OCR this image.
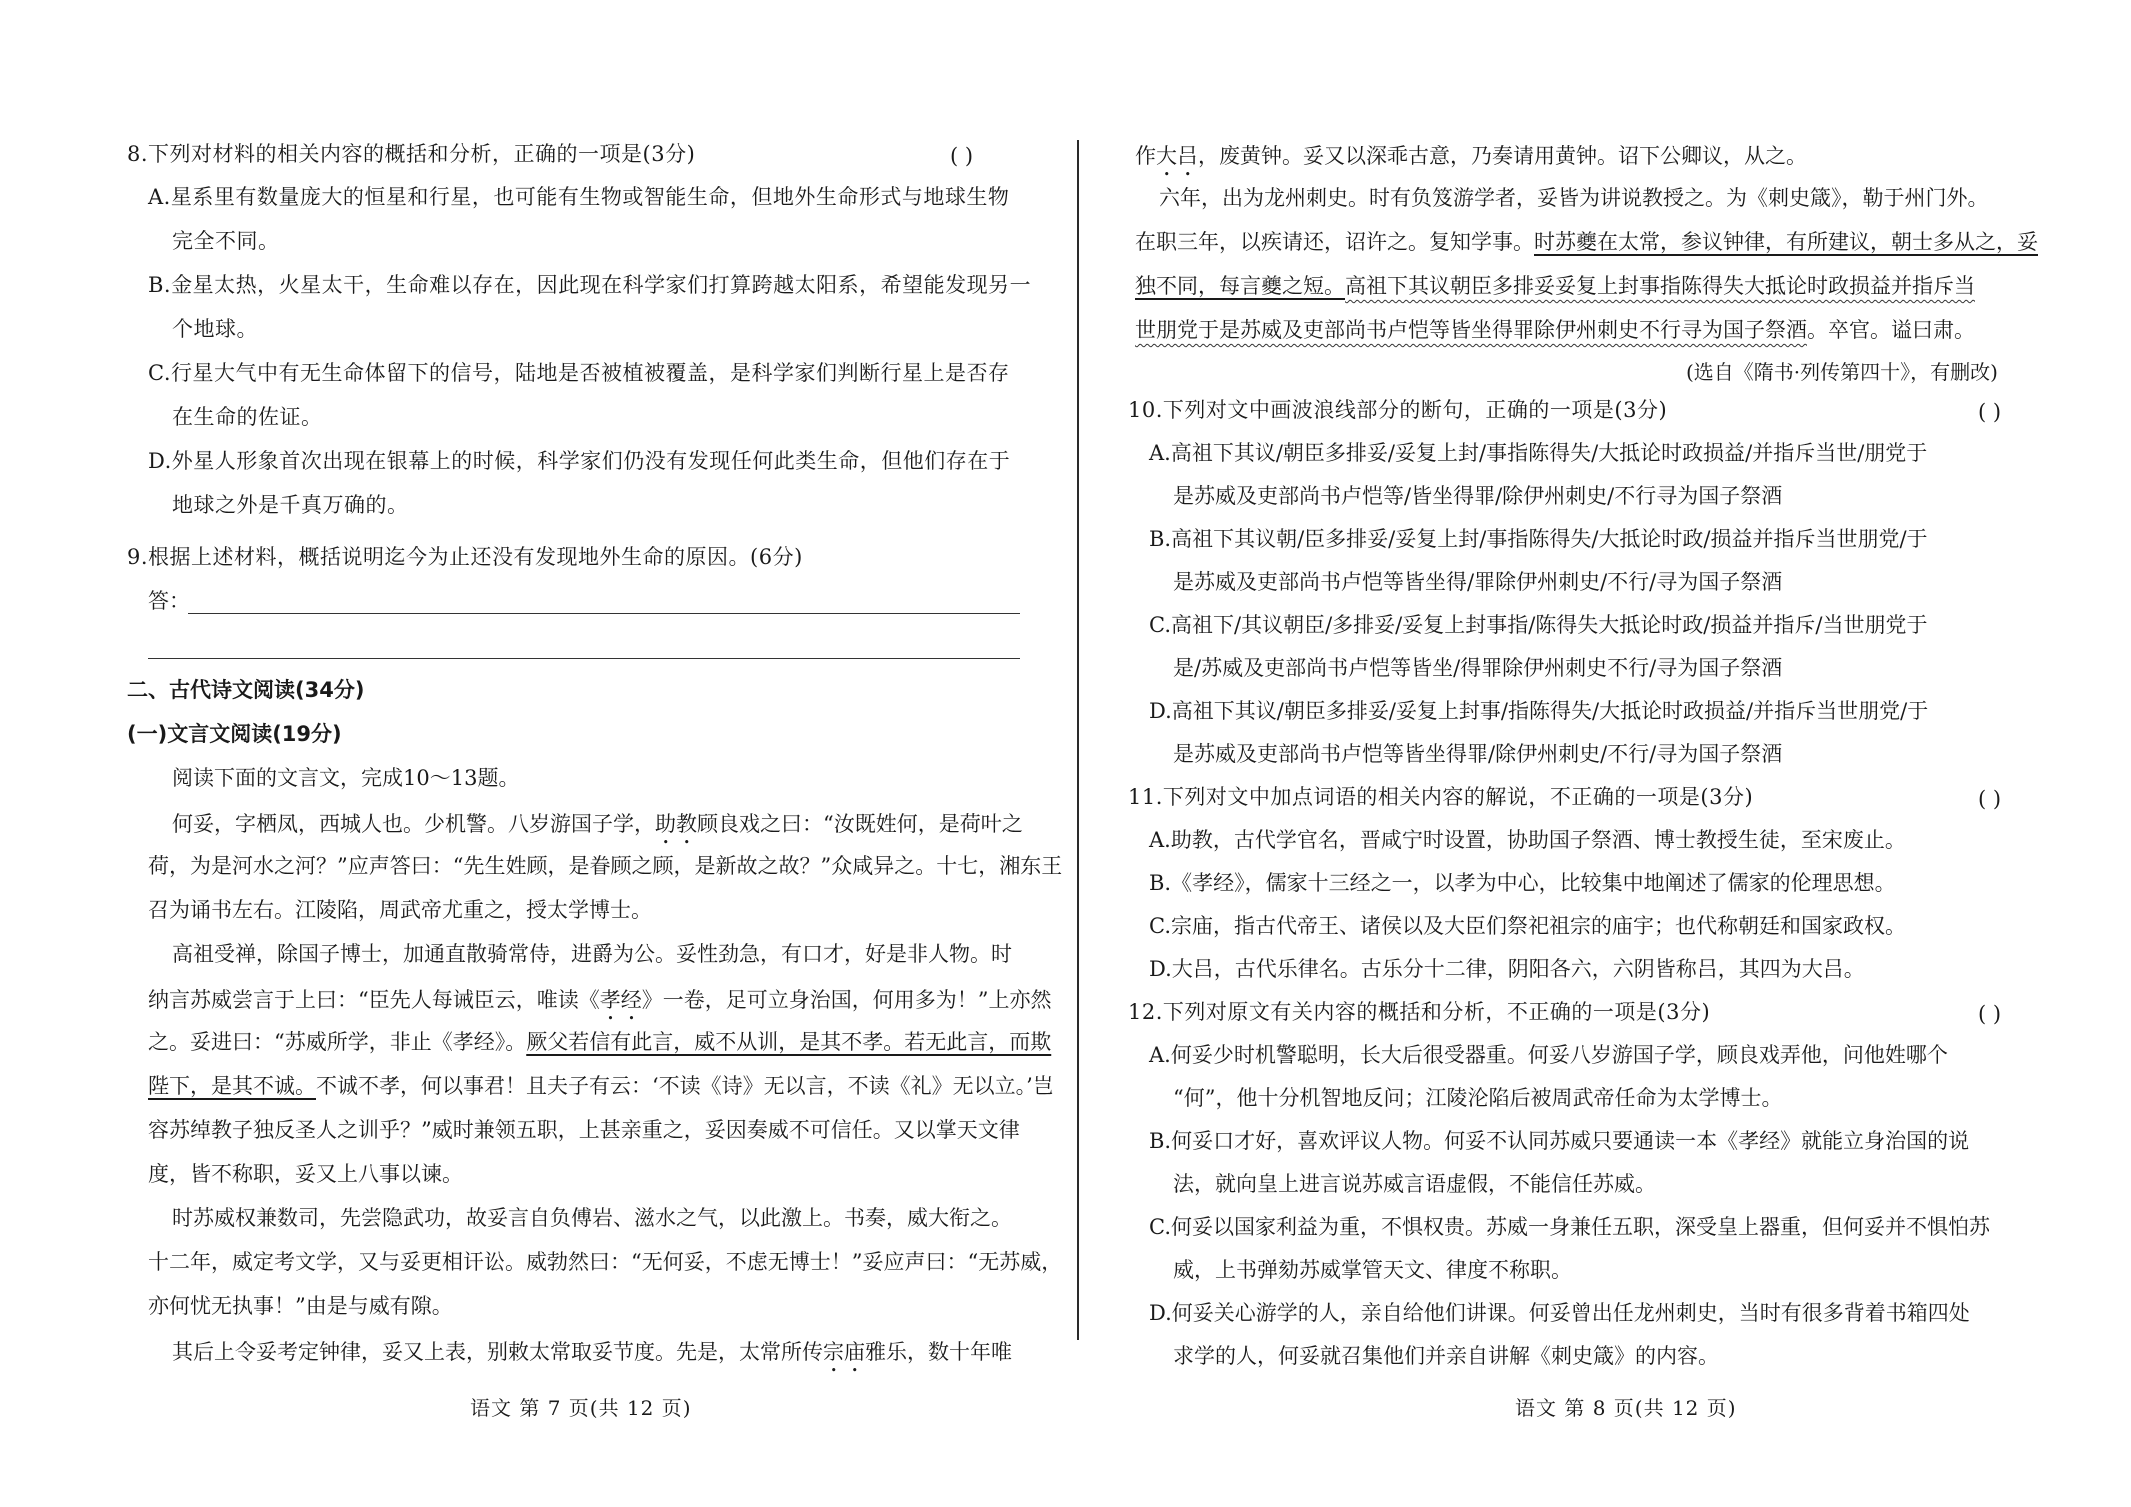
8.下列对材料的相关内容的概括和分析，正确的一项是(3分)	( )
A.星系里有数量庞大的恒星和行星，也可能有生物或智能生命，但地外生命形式与地球生物
完全不同。
B.金星太热，火星太干，生命难以存在，因此现在科学家们打算跨越太阳系，希望能发现另一
个地球。
C.行星大气中有无生命体留下的信号，陆地是否被植被覆盖，是科学家们判断行星上是否存
在生命的佐证。
D.外星人形象首次出现在银幕上的时候，科学家们仍没有发现任何此类生命，但他们存在于
地球之外是千真万确的。
9.根据上述材料，概括说明迄今为止还没有发现地外生命的原因。(6分)
答：
二、古代诗文阅读(34分)
(一)文言文阅读(19分)
阅读下面的文言文，完成10～13题。
何妥，字栖凤，西城人也。少机警。八岁游国子学，助教顾良戏之曰：“汝既姓何，是荷叶之
荷，为是河水之河？”应声答曰：“先生姓顾，是眷顾之顾，是新故之故？”众咸异之。十七，湘东王
召为诵书左右。江陵陷，周武帝尤重之，授太学博士。
高祖受禅，除国子博士，加通直散骑常侍，进爵为公。妥性劲急，有口才，好是非人物。时
纳言苏威尝言于上曰：“臣先人每诫臣云，唯读《孝经》一卷，足可立身治国，何用多为！”上亦然
之。妥进曰：“苏威所学，非止《孝经》。厥父若信有此言，威不从训，是其不孝。若无此言，而欺
陛下，是其不诚。不诚不孝，何以事君！且夫子有云：‘不读《诗》无以言，不读《礼》无以立。’岂
容苏绰教子独反圣人之训乎？”威时兼领五职，上甚亲重之，妥因奏威不可信任。又以掌天文律
度，皆不称职，妥又上八事以谏。
时苏威权兼数司，先尝隐武功，故妥言自负傅岩、滋水之气，以此激上。书奏，威大衔之。
十二年，威定考文学，又与妥更相讦讼。威勃然曰：“无何妥，不虑无博士！”妥应声曰：“无苏威，
亦何忧无执事！”由是与威有隙。
其后上令妥考定钟律，妥又上表，别敕太常取妥节度。先是，太常所传宗庙雅乐，数十年唯
语文 第 7 页(共 12 页)
作大吕，废黄钟。妥又以深乖古意，乃奏请用黄钟。诏下公卿议，从之。
六年，出为龙州刺史。时有负笈游学者，妥皆为讲说教授之。为《刺史箴》，勒于州门外。
在职三年，以疾请还，诏许之。复知学事。时苏夔在太常，参议钟律，有所建议，朝士多从之，妥
独不同，每言夔之短。高祖下其议朝臣多排妥妥复上封事指陈得失大抵论时政损益并指斥当
世朋党于是苏威及吏部尚书卢恺等皆坐得罪除伊州刺史不行寻为国子祭酒。卒官。谥曰肃。
(选自《隋书·列传第四十》，有删改)
10.下列对文中画波浪线部分的断句，正确的一项是(3分)	( )
A.高祖下其议/朝臣多排妥/妥复上封/事指陈得失/大抵论时政损益/并指斥当世/朋党于
是苏威及吏部尚书卢恺等/皆坐得罪/除伊州刺史/不行寻为国子祭酒
B.高祖下其议朝/臣多排妥/妥复上封/事指陈得失/大抵论时政/损益并指斥当世朋党/于
是苏威及吏部尚书卢恺等皆坐得/罪除伊州刺史/不行/寻为国子祭酒
C.高祖下/其议朝臣/多排妥/妥复上封事指/陈得失大抵论时政/损益并指斥/当世朋党于
是/苏威及吏部尚书卢恺等皆坐/得罪除伊州刺史不行/寻为国子祭酒
D.高祖下其议/朝臣多排妥/妥复上封事/指陈得失/大抵论时政损益/并指斥当世朋党/于
是苏威及吏部尚书卢恺等皆坐得罪/除伊州刺史/不行/寻为国子祭酒
11.下列对文中加点词语的相关内容的解说，不正确的一项是(3分)	( )
A.助教，古代学官名，晋咸宁时设置，协助国子祭酒、博士教授生徒，至宋废止。
B.《孝经》，儒家十三经之一，以孝为中心，比较集中地阐述了儒家的伦理思想。
C.宗庙，指古代帝王、诸侯以及大臣们祭祀祖宗的庙宇；也代称朝廷和国家政权。
D.大吕，古代乐律名。古乐分十二律，阴阳各六，六阴皆称吕，其四为大吕。
12.下列对原文有关内容的概括和分析，不正确的一项是(3分)	( )
A.何妥少时机警聪明，长大后很受器重。何妥八岁游国子学，顾良戏弄他，问他姓哪个
“何”，他十分机智地反问；江陵沦陷后被周武帝任命为太学博士。
B.何妥口才好，喜欢评议人物。何妥不认同苏威只要通读一本《孝经》就能立身治国的说
法，就向皇上进言说苏威言语虚假，不能信任苏威。
C.何妥以国家利益为重，不惧权贵。苏威一身兼任五职，深受皇上器重，但何妥并不惧怕苏
威，上书弹劾苏威掌管天文、律度不称职。
D.何妥关心游学的人，亲自给他们讲课。何妥曾出任龙州刺史，当时有很多背着书箱四处
求学的人，何妥就召集他们并亲自讲解《刺史箴》的内容。
语文 第 8 页(共 12 页)
